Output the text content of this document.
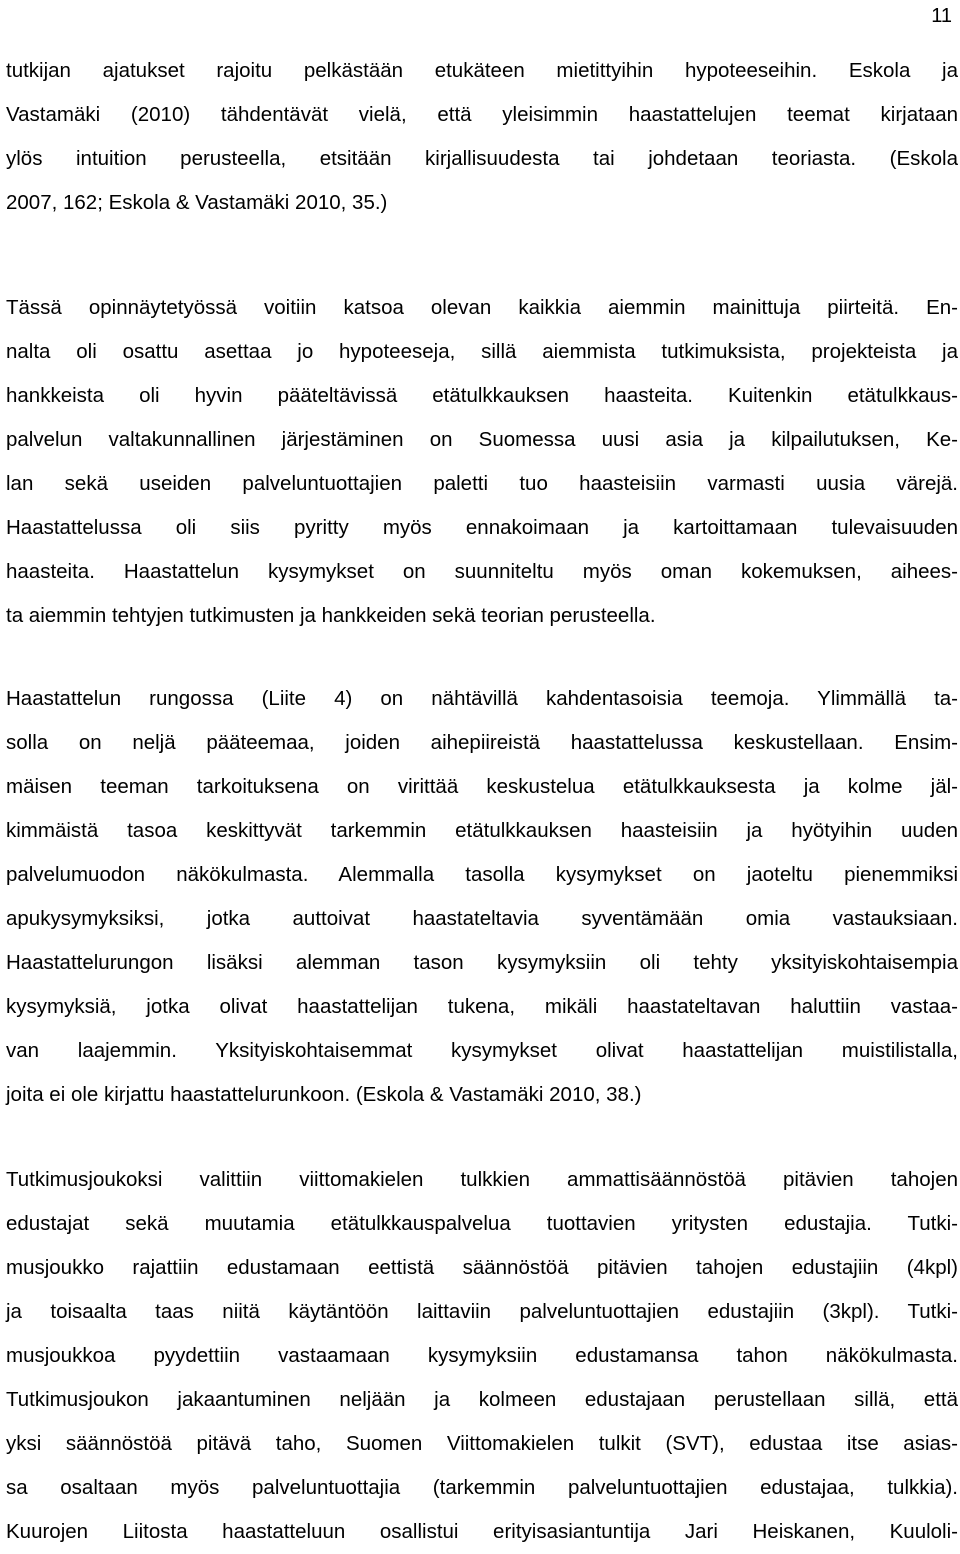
11
tutkijan ajatukset rajoitu pelkästään etukäteen mietittyihin hypoteeseihin. Eskola ja
Vastamäki (2010) tähdentävät vielä, että yleisimmin haastattelujen teemat kirjataan
ylös intuition perusteella, etsitään kirjallisuudesta tai johdetaan teoriasta. (Eskola
2007, 162; Eskola & Vastamäki 2010, 35.)
Tässä opinnäytetyössä voitiin katsoa olevan kaikkia aiemmin mainittuja piirteitä. En-
nalta oli osattu asettaa jo hypoteeseja, sillä aiemmista tutkimuksista, projekteista ja
hankkeista oli hyvin pääteltävissä etätulkkauksen haasteita. Kuitenkin etätulkkaus-
palvelun valtakunnallinen järjestäminen on Suomessa uusi asia ja kilpailutuksen, Ke-
lan sekä useiden palveluntuottajien paletti tuo haasteisiin varmasti uusia värejä.
Haastattelussa oli siis pyritty myös ennakoimaan ja kartoittamaan tulevaisuuden
haasteita. Haastattelun kysymykset on suunniteltu myös oman kokemuksen, aihees-
ta aiemmin tehtyjen tutkimusten ja hankkeiden sekä teorian perusteella.
Haastattelun rungossa (Liite 4) on nähtävillä kahdentasoisia teemoja. Ylimmällä ta-
solla on neljä pääteemaa, joiden aihepiireistä haastattelussa keskustellaan. Ensim-
mäisen teeman tarkoituksena on virittää keskustelua etätulkkauksesta ja kolme jäl-
kimmäistä tasoa keskittyvät tarkemmin etätulkkauksen haasteisiin ja hyötyihin uuden
palvelumuodon näkökulmasta. Alemmalla tasolla kysymykset on jaoteltu pienemmiksi
apukysymyksiksi, jotka auttoivat haastateltavia syventämään omia vastauksiaan.
Haastattelurungon lisäksi alemman tason kysymyksiin oli tehty yksityiskohtaisempia
kysymyksiä, jotka olivat haastattelijan tukena, mikäli haastateltavan haluttiin vastaa-
van laajemmin. Yksityiskohtaisemmat kysymykset olivat haastattelijan muistilistalla,
joita ei ole kirjattu haastattelurunkoon. (Eskola & Vastamäki 2010, 38.)
Tutkimusjoukoksi valittiin viittomakielen tulkkien ammattisäännöstöä pitävien tahojen
edustajat sekä muutamia etätulkkauspalvelua tuottavien yritysten edustajia. Tutki-
musjoukko rajattiin edustamaan eettistä säännöstöä pitävien tahojen edustajiin (4kpl)
ja toisaalta taas niitä käytäntöön laittaviin palveluntuottajien edustajiin (3kpl). Tutki-
musjoukkoa pyydettiin vastaamaan kysymyksiin edustamansa tahon näkökulmasta.
Tutkimusjoukon jakaantuminen neljään ja kolmeen edustajaan perustellaan sillä, että
yksi säännöstöä pitävä taho, Suomen Viittomakielen tulkit (SVT), edustaa itse asias-
sa osaltaan myös palveluntuottajia (tarkemmin palveluntuottajien edustajaa, tulkkia).
Kuurojen Liitosta haastatteluun osallistui erityisasiantuntija Jari Heiskanen, Kuuloli-
